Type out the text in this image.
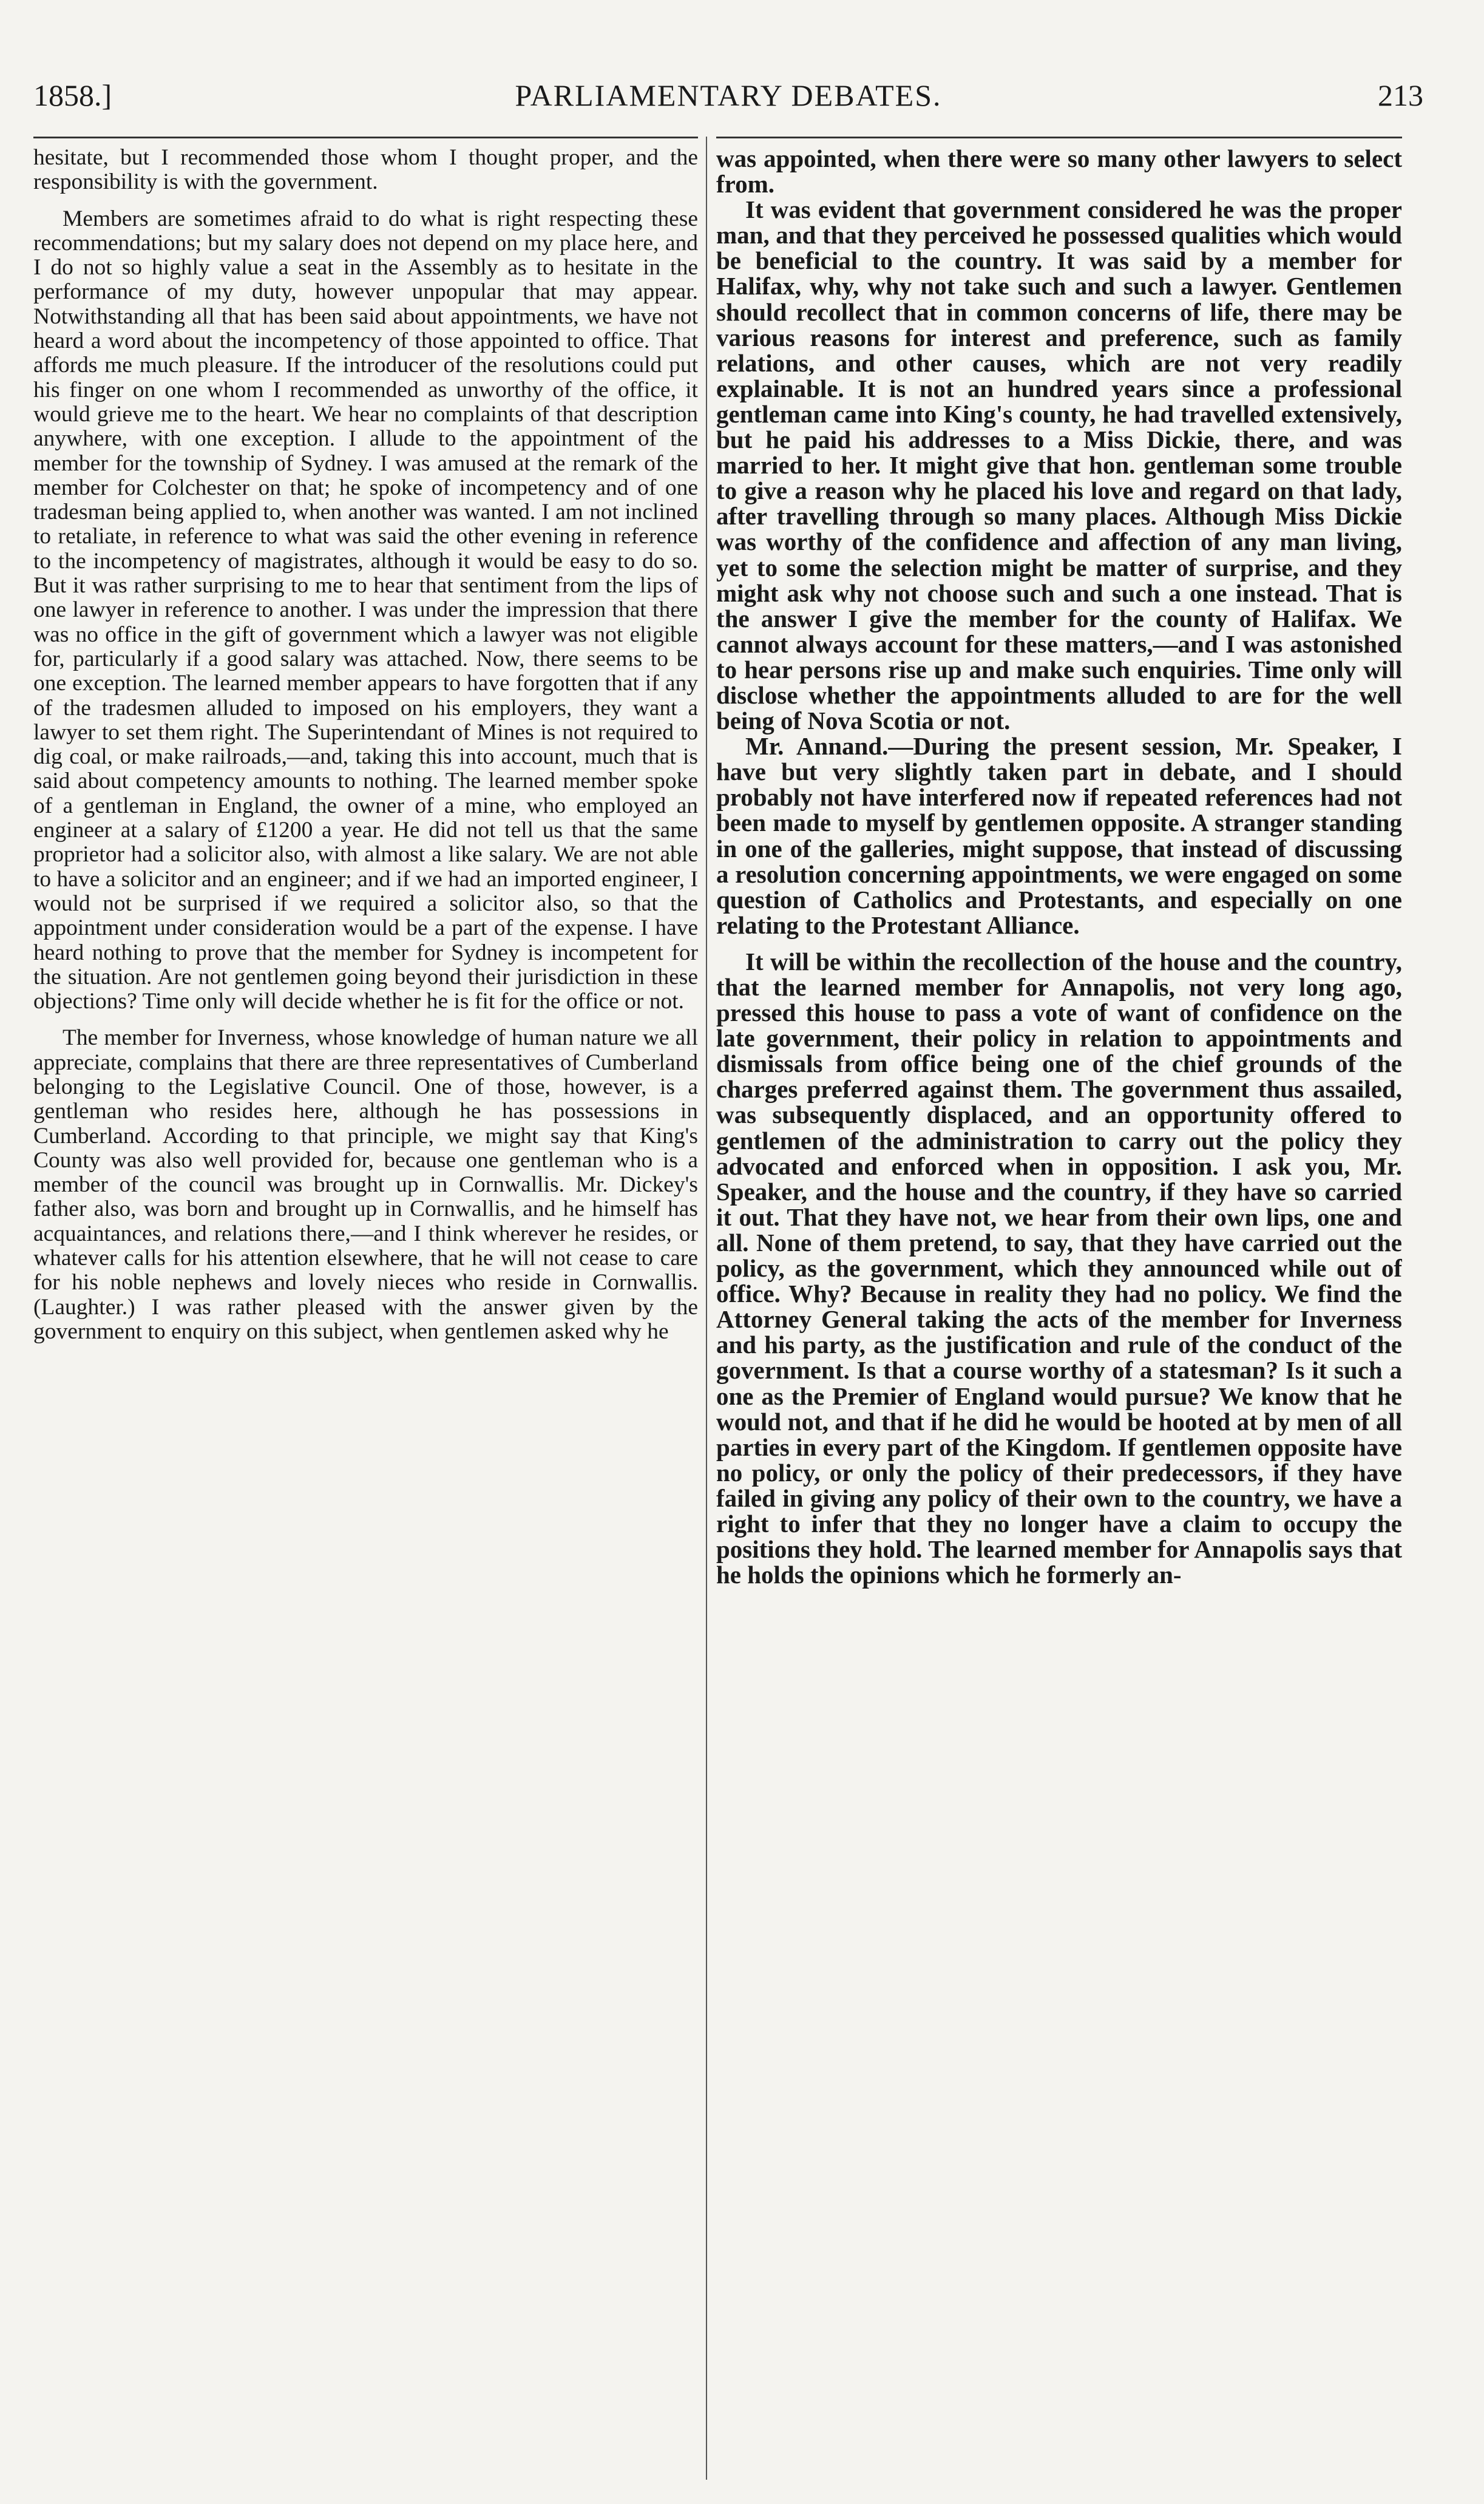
1858.]	PARLIAMENTARY DEBATES.	213

hesitate, but I recommended those whom I thought proper, and the responsibility is with the government.

Members are sometimes afraid to do what is right respecting these recommendations; but my salary does not depend on my place here, and I do not so highly value a seat in the Assembly as to hesitate in the performance of my duty, however unpopular that may appear. Notwithstanding all that has been said about appointments, we have not heard a word about the incompetency of those appointed to office. That affords me much pleasure. If the introducer of the resolutions could put his finger on one whom I recommended as unworthy of the office, it would grieve me to the heart. We hear no complaints of that description anywhere, with one exception. I allude to the appointment of the member for the township of Sydney. I was amused at the remark of the member for Colchester on that; he spoke of incompetency and of one tradesman being applied to, when another was wanted. I am not inclined to retaliate, in reference to what was said the other evening in reference to the incompetency of magistrates, although it would be easy to do so. But it was rather surprising to me to hear that sentiment from the lips of one lawyer in reference to another. I was under the impression that there was no office in the gift of government which a lawyer was not eligible for, particularly if a good salary was attached. Now, there seems to be one exception. The learned member appears to have forgotten that if any of the tradesmen alluded to imposed on his employers, they want a lawyer to set them right. The Superintendant of Mines is not required to dig coal, or make railroads,—and, taking this into account, much that is said about competency amounts to nothing. The learned member spoke of a gentleman in England, the owner of a mine, who employed an engineer at a salary of £1200 a year. He did not tell us that the same proprietor had a solicitor also, with almost a like salary. We are not able to have a solicitor and an engineer; and if we had an imported engineer, I would not be surprised if we required a solicitor also, so that the appointment under consideration would be a part of the expense. I have heard nothing to prove that the member for Sydney is incompetent for the situation. Are not gentlemen going beyond their jurisdiction in these objections? Time only will decide whether he is fit for the office or not.

The member for Inverness, whose knowledge of human nature we all appreciate, complains that there are three representatives of Cumberland belonging to the Legislative Council. One of those, however, is a gentleman who resides here, although he has possessions in Cumberland. According to that principle, we might say that King's County was also well provided for, because one gentleman who is a member of the council was brought up in Cornwallis. Mr. Dickey's father also, was born and brought up in Cornwallis, and he himself has acquaintances, and relations there,—and I think wherever he resides, or whatever calls for his attention elsewhere, that he will not cease to care for his noble nephews and lovely nieces who reside in Cornwallis. (Laughter.) I was rather pleased with the answer given by the government to enquiry on this subject, when gentlemen asked why he

was appointed, when there were so many other lawyers to select from.

It was evident that government considered he was the proper man, and that they perceived he possessed qualities which would be beneficial to the country. It was said by a member for Halifax, why, why not take such and such a lawyer. Gentlemen should recollect that in common concerns of life, there may be various reasons for interest and preference, such as family relations, and other causes, which are not very readily explainable. It is not an hundred years since a professional gentleman came into King's county, he had travelled extensively, but he paid his addresses to a Miss Dickie, there, and was married to her. It might give that hon. gentleman some trouble to give a reason why he placed his love and regard on that lady, after travelling through so many places. Although Miss Dickie was worthy of the confidence and affection of any man living, yet to some the selection might be matter of surprise, and they might ask why not choose such and such a one instead. That is the answer I give the member for the county of Halifax. We cannot always account for these matters,—and I was astonished to hear persons rise up and make such enquiries. Time only will disclose whether the appointments alluded to are for the well being of Nova Scotia or not.

Mr. Annand.—During the present session, Mr. Speaker, I have but very slightly taken part in debate, and I should probably not have interfered now if repeated references had not been made to myself by gentlemen opposite. A stranger standing in one of the galleries, might suppose, that instead of discussing a resolution concerning appointments, we were engaged on some question of Catholics and Protestants, and especially on one relating to the Protestant Alliance.

It will be within the recollection of the house and the country, that the learned member for Annapolis, not very long ago, pressed this house to pass a vote of want of confidence on the late government, their policy in relation to appointments and dismissals from office being one of the chief grounds of the charges preferred against them. The government thus assailed, was subsequently displaced, and an opportunity offered to gentlemen of the administration to carry out the policy they advocated and enforced when in opposition. I ask you, Mr. Speaker, and the house and the country, if they have so carried it out. That they have not, we hear from their own lips, one and all. None of them pretend, to say, that they have carried out the policy, as the government, which they announced while out of office. Why? Because in reality they had no policy. We find the Attorney General taking the acts of the member for Inverness and his party, as the justification and rule of the conduct of the government. Is that a course worthy of a statesman? Is it such a one as the Premier of England would pursue? We know that he would not, and that if he did he would be hooted at by men of all parties in every part of the Kingdom. If gentlemen opposite have no policy, or only the policy of their predecessors, if they have failed in giving any policy of their own to the country, we have a right to infer that they no longer have a claim to occupy the positions they hold. The learned member for Annapolis says that he holds the opinions which he formerly an-
